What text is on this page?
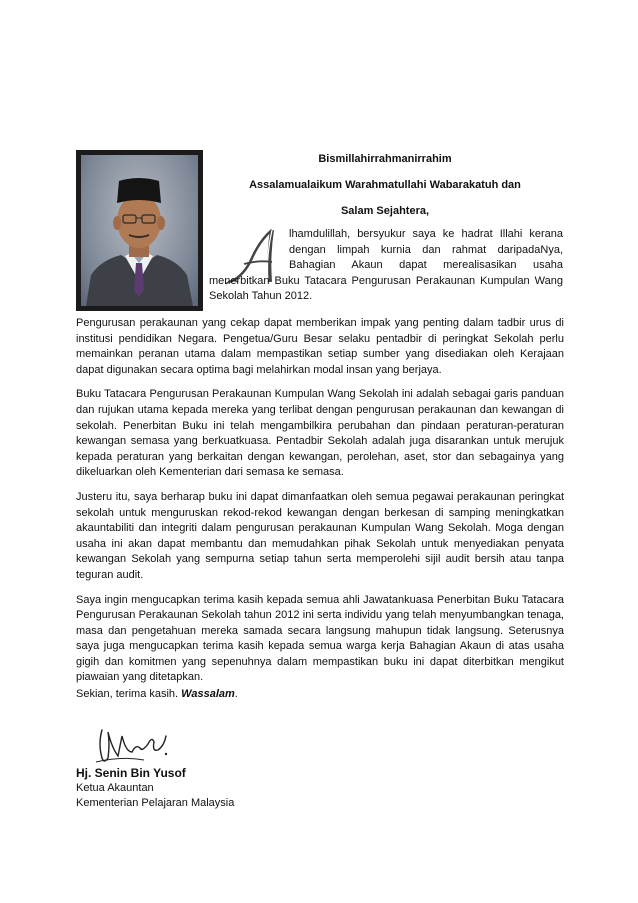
Bismillahirrahmanirrahim
Assalamualaikum Warahmatullahi Wabarakatuh dan
Salam Sejahtera,

lhamdulillah, bersyukur saya ke hadrat Illahi kerana dengan limpah kurnia dan rahmat daripadaNya, Bahagian Akaun dapat merealisasikan usaha menerbitkan Buku Tatacara Pengurusan Perakaunan Kumpulan Wang Sekolah Tahun 2012.

Pengurusan perakaunan yang cekap dapat memberikan impak yang penting dalam tadbir urus di institusi pendidikan Negara. Pengetua/Guru Besar selaku pentadbir di peringkat Sekolah perlu memainkan peranan utama dalam mempastikan setiap sumber yang disediakan oleh Kerajaan dapat digunakan secara optima bagi melahirkan modal insan yang berjaya.

Buku Tatacara Pengurusan Perakaunan Kumpulan Wang Sekolah ini adalah sebagai garis panduan dan rujukan utama kepada mereka yang terlibat dengan pengurusan perakaunan dan kewangan di sekolah. Penerbitan Buku ini telah mengambilkira perubahan dan pindaan peraturan-peraturan kewangan semasa yang berkuatkuasa. Pentadbir Sekolah adalah juga disarankan untuk merujuk kepada peraturan yang berkaitan dengan kewangan, perolehan, aset, stor dan sebagainya yang dikeluarkan oleh Kementerian dari semasa ke semasa.

Justeru itu, saya berharap buku ini dapat dimanfaatkan oleh semua pegawai perakaunan peringkat sekolah untuk menguruskan rekod-rekod kewangan dengan berkesan di samping meningkatkan akauntabiliti dan integriti dalam pengurusan perakaunan Kumpulan Wang Sekolah. Moga dengan usaha ini akan dapat membantu dan memudahkan pihak Sekolah untuk menyediakan penyata kewangan Sekolah yang sempurna setiap tahun serta memperolehi sijil audit bersih atau tanpa teguran audit.

Saya ingin mengucapkan terima kasih kepada semua ahli Jawatankuasa Penerbitan Buku Tatacara Pengurusan Perakaunan Sekolah tahun 2012 ini serta individu yang telah menyumbangkan tenaga, masa dan pengetahuan mereka samada secara langsung mahupun tidak langsung. Seterusnya saya juga mengucapkan terima kasih kepada semua warga kerja Bahagian Akaun di atas usaha gigih dan komitmen yang sepenuhnya dalam mempastikan buku ini dapat diterbitkan mengikut piawaian yang ditetapkan.

Sekian, terima kasih. Wassalam.
Hj. Senin Bin Yusof
Ketua Akauntan
Kementerian Pelajaran Malaysia
